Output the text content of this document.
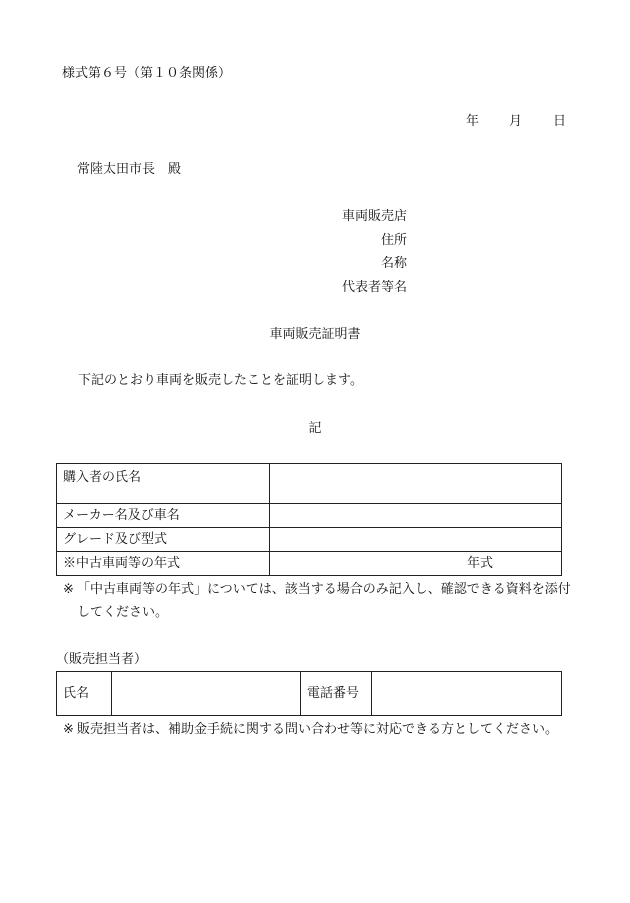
様式第６号（第１０条関係）
年 月 日
常陸太田市長　殿
車両販売店
住所
名称
代表者等名
車両販売証明書
下記のとおり車両を販売したことを証明します。
記
購入者の氏名	
メーカー名及び車名	
グレード及び型式	
※中古車両等の年式	年式
※ 「中古車両等の年式」については、該当する場合のみ記入し、確認できる資料を添付してください。
（販売担当者）
氏名		電話番号	
※ 販売担当者は、補助金手続に関する問い合わせ等に対応できる方としてください。
